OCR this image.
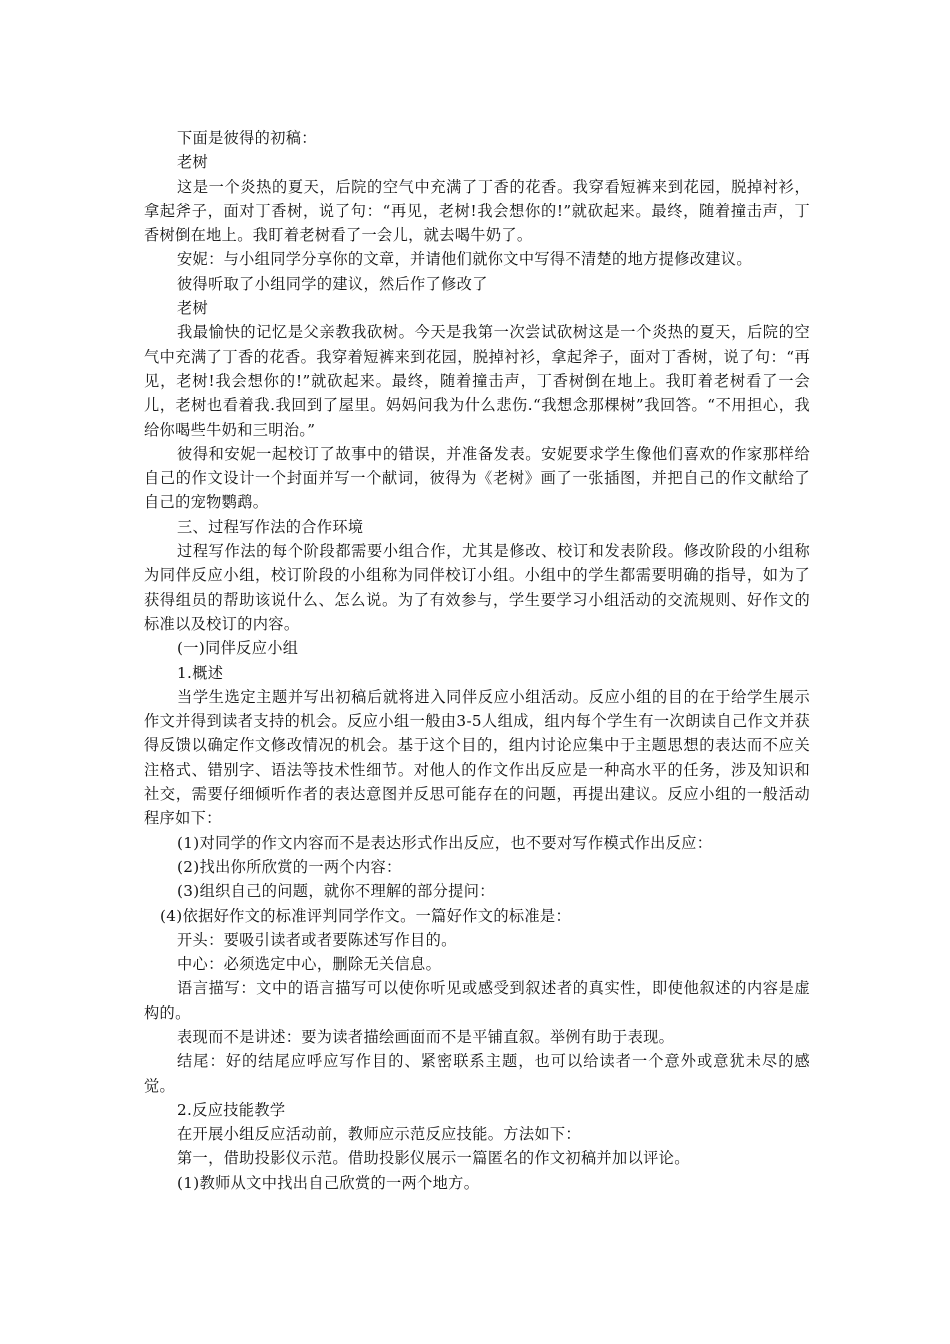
下面是彼得的初稿：

老树

这是一个炎热的夏天，后院的空气中充满了丁香的花香。我穿看短裤来到花园，脱掉衬衫，拿起斧子，面对丁香树，说了句：“再见，老树!我会想你的!”就砍起来。最终，随着撞击声，丁香树倒在地上。我盯着老树看了一会儿，就去喝牛奶了。

安妮：与小组同学分享你的文章，并请他们就你文中写得不清楚的地方提修改建议。

彼得听取了小组同学的建议，然后作了修改了

老树

我最愉快的记忆是父亲教我砍树。今天是我第一次尝试砍树这是一个炎热的夏天，后院的空气中充满了丁香的花香。我穿着短裤来到花园，脱掉衬衫，拿起斧子，面对丁香树，说了句：“再见，老树!我会想你的!”就砍起来。最终，随着撞击声，丁香树倒在地上。我盯着老树看了一会儿，老树也看着我.我回到了屋里。妈妈问我为什么悲伤.“我想念那棵树”我回答。“不用担心，我给你喝些牛奶和三明治。”

彼得和安妮一起校订了故事中的错误，并准备发表。安妮要求学生像他们喜欢的作家那样给自己的作文设计一个封面并写一个献词，彼得为《老树》画了一张插图，并把自己的作文献给了自己的宠物鹦鹉。

三、过程写作法的合作环境

过程写作法的每个阶段都需要小组合作，尤其是修改、校订和发表阶段。修改阶段的小组称为同伴反应小组，校订阶段的小组称为同伴校订小组。小组中的学生都需要明确的指导，如为了获得组员的帮助该说什么、怎么说。为了有效参与，学生要学习小组活动的交流规则、好作文的标准以及校订的内容。

(一)同伴反应小组

1.概述

当学生选定主题并写出初稿后就将进入同伴反应小组活动。反应小组的目的在于给学生展示作文并得到读者支持的机会。反应小组一般由3-5人组成，组内每个学生有一次朗读自己作文并获得反馈以确定作文修改情况的机会。基于这个目的，组内讨论应集中于主题思想的表达而不应关注格式、错别字、语法等技术性细节。对他人的作文作出反应是一种高水平的任务，涉及知识和社交，需要仔细倾听作者的表达意图并反思可能存在的问题，再提出建议。反应小组的一般活动程序如下：

(1)对同学的作文内容而不是表达形式作出反应，也不要对写作模式作出反应：

(2)找出你所欣赏的一两个内容：

(3)组织自己的问题，就你不理解的部分提问：

(4)依据好作文的标准评判同学作文。一篇好作文的标准是：

开头：要吸引读者或者要陈述写作目的。

中心：必须选定中心，删除无关信息。

语言描写：文中的语言描写可以使你听见或感受到叙述者的真实性，即使他叙述的内容是虚构的。

表现而不是讲述：要为读者描绘画面而不是平铺直叙。举例有助于表现。

结尾：好的结尾应呼应写作目的、紧密联系主题，也可以给读者一个意外或意犹未尽的感觉。

2.反应技能教学

在开展小组反应活动前，教师应示范反应技能。方法如下：

第一，借助投影仪示范。借助投影仪展示一篇匿名的作文初稿并加以评论。

(1)教师从文中找出自己欣赏的一两个地方。
